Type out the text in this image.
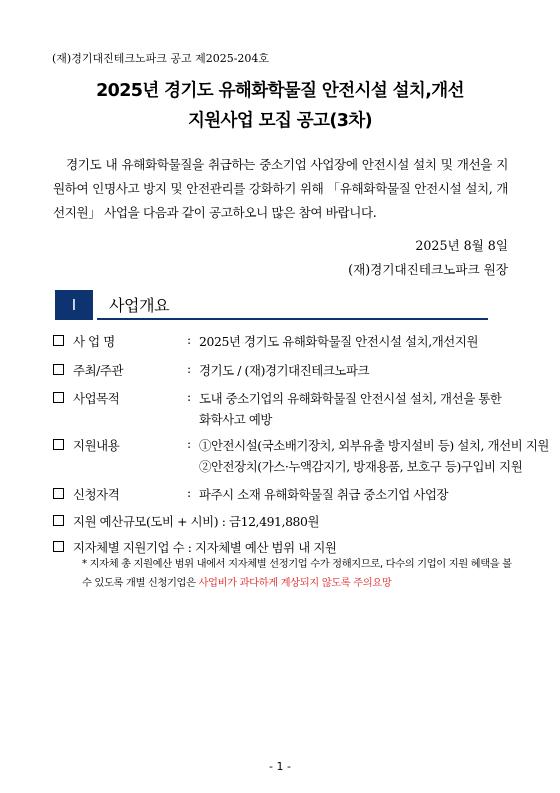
(재)경기대진테크노파크 공고 제2025-204호
2025년 경기도 유해화학물질 안전시설 설치,개선
지원사업 모집 공고(3차)
경기도 내 유해화학물질을 취급하는 중소기업 사업장에 안전시설 설치 및 개선을 지원하여 인명사고 방지 및 안전관리를 강화하기 위해 「유해화학물질 안전시설 설치, 개선지원」 사업을 다음과 같이 공고하오니 많은 참여 바랍니다.
2025년 8월 8일
(재)경기대진테크노파크 원장
Ⅰ	사업개요
사 업 명	: 2025년 경기도 유해화학물질 안전시설 설치,개선지원
주최/주관	: 경기도 / (재)경기대진테크노파크
사업목적	: 도내 중소기업의 유해화학물질 안전시설 설치, 개선을 통한
화학사고 예방
지원내용	: ①안전시설(국소배기장치, 외부유출 방지설비 등) 설치, 개선비 지원
②안전장치(가스·누액감지기, 방재용품, 보호구 등)구입비 지원
신청자격	: 파주시 소재 유해화학물질 취급 중소기업 사업장
지원 예산규모(도비 + 시비) : 금12,491,880원
지자체별 지원기업 수 : 지자체별 예산 범위 내 지원
* 지자체 총 지원예산 범위 내에서 지자체별 선정기업 수가 정해지므로, 다수의 기업이 지원 혜택을 볼 수 있도록 개별 신청기업은 사업비가 과다하게 계상되지 않도록 주의요망
- 1 -
